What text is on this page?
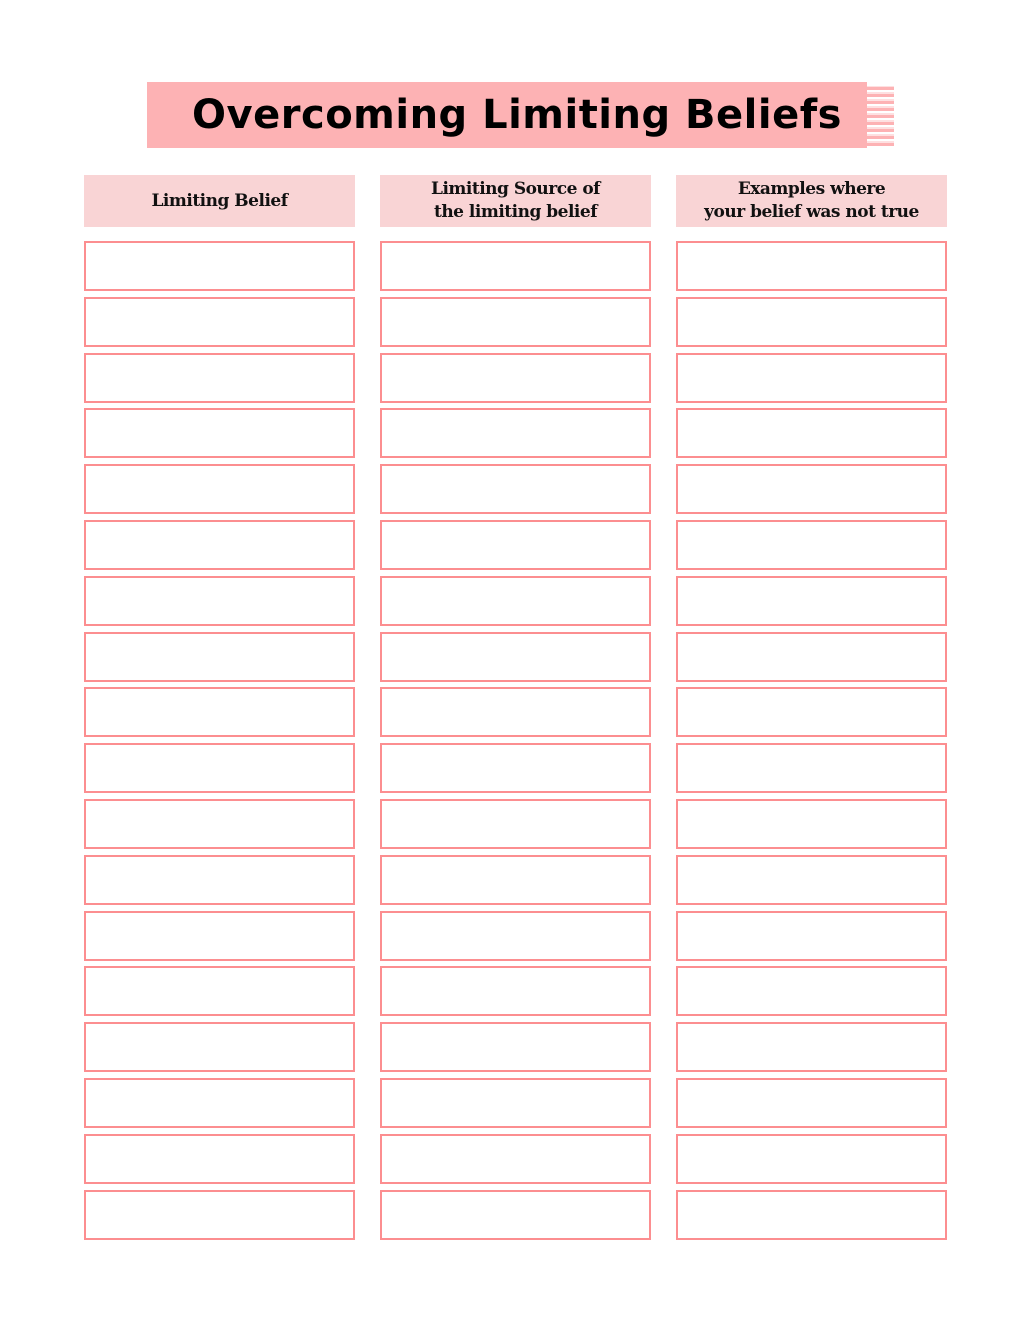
Overcoming Limiting Beliefs
Limiting Belief
Limiting Source of
the limiting belief
Examples where
your belief was not true
